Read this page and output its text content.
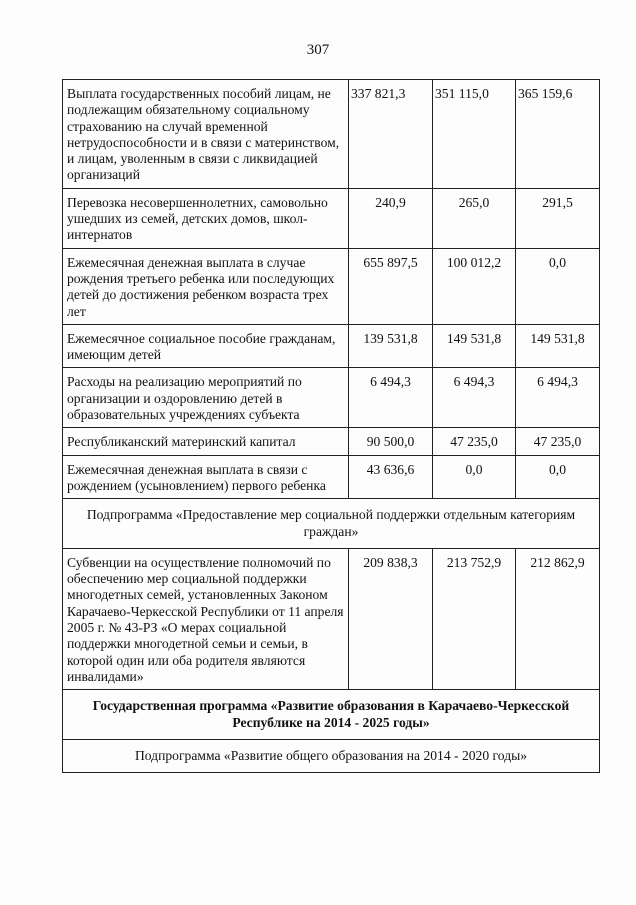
307
Выплата государственных пособий лицам, не подлежащим обязательному социальному страхованию на случай временной нетрудоспособности и в связи с материнством, и лицам, уволенным в связи с ликвидацией организаций	337 821,3	351 115,0	365 159,6
Перевозка несовершеннолетних, самовольно ушедших из семей, детских домов, школ-интернатов	240,9	265,0	291,5
Ежемесячная денежная выплата в случае рождения третьего ребенка или последующих детей до достижения ребенком возраста трех лет	655 897,5	100 012,2	0,0
Ежемесячное социальное пособие гражданам, имеющим детей	139 531,8	149 531,8	149 531,8
Расходы на реализацию мероприятий по организации и оздоровлению детей в образовательных учреждениях субъекта	6 494,3	6 494,3	6 494,3
Республиканский материнский капитал	90 500,0	47 235,0	47 235,0
Ежемесячная денежная выплата в связи с рождением (усыновлением) первого ребенка	43 636,6	0,0	0,0
Подпрограмма «Предоставление мер социальной поддержки отдельным категориям граждан»			
Субвенции на осуществление полномочий по обеспечению мер социальной поддержки многодетных семей, установленных Законом Карачаево-Черкесской Республики от 11 апреля 2005 г. № 43-РЗ «О мерах социальной поддержки многодетной семьи и семьи, в которой один или оба родителя являются инвалидами»	209 838,3	213 752,9	212 862,9
Государственная программа «Развитие образования в Карачаево-Черкесской Республике на 2014 - 2025 годы»			
Подпрограмма «Развитие общего образования на 2014 - 2020 годы»			
